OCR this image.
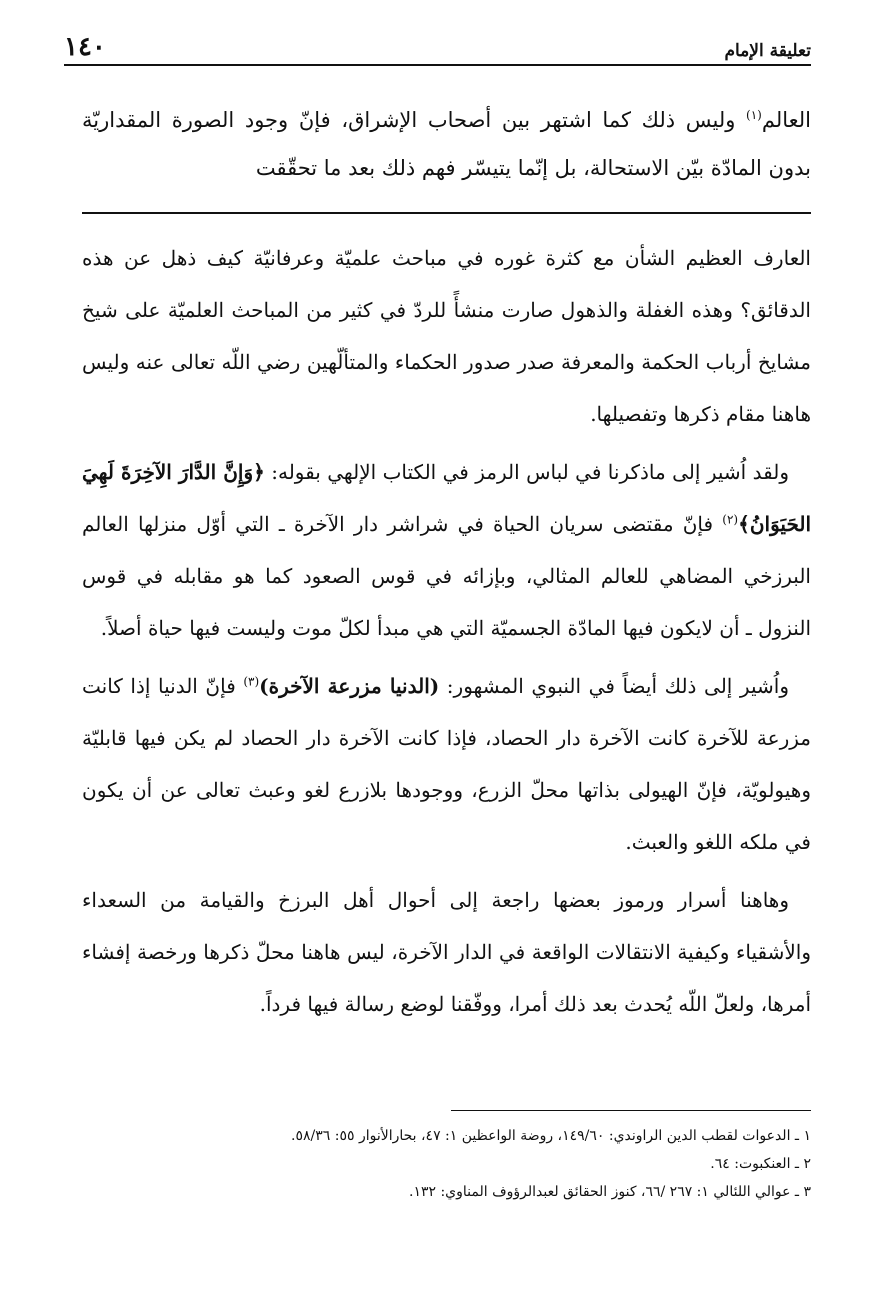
تعليقة الإمام
١٤٠

العالم$^{(١)}$ وليس ذلك كما اشتهر بين أصحاب الإشراق، فإنّ وجود الصورة المقداريّة بدون المادّة بيّن الاستحالة، بل إنّما يتيسّر فهم ذلك بعد ما تحقّقت

العارف العظيم الشأن مع كثرة غوره في مباحث علميّة وعرفانيّة كيف ذهل عن هذه الدقائق؟ وهذه الغفلة والذهول صارت منشأً للردّ في كثير من المباحث العلميّة على شيخ مشايخ أرباب الحكمة والمعرفة صدر صدور الحكماء والمتألّهين رضي اللّه تعالى عنه وليس هاهنا مقام ذكرها وتفصيلها.

ولقد اُشير إلى ماذكرنا في لباس الرمز في الكتاب الإلهي بقوله: ﴿وَإِنَّ الدَّارَ الآخِرَةَ لَهِيَ الحَيَوَانُ﴾$^{(٢)}$ فإنّ مقتضى سريان الحياة في شراشر دار الآخرة ـ التي أوّل منزلها العالم البرزخي المضاهي للعالم المثالي، وبإزائه في قوس الصعود كما هو مقابله في قوس النزول ـ أن لايكون فيها المادّة الجسميّة التي هي مبدأ لكلّ موت وليست فيها حياة أصلاً.

واُشير إلى ذلك أيضاً في النبوي المشهور: (الدنيا مزرعة الآخرة)$^{(٣)}$ فإنّ الدنيا إذا كانت مزرعة للآخرة كانت الآخرة دار الحصاد، فإذا كانت الآخرة دار الحصاد لم يكن فيها قابليّة وهيولويّة، فإنّ الهيولى بذاتها محلّ الزرع، ووجودها بلازرع لغو وعبث تعالى عن أن يكون في ملكه اللغو والعبث.

وهاهنا أسرار ورموز بعضها راجعة إلى أحوال أهل البرزخ والقيامة من السعداء والأشقياء وكيفية الانتقالات الواقعة في الدار الآخرة، ليس هاهنا محلّ ذكرها ورخصة إفشاء أمرها، ولعلّ اللّه يُحدث بعد ذلك أمرا، ووفّقنا لوضع رسالة فيها فرداً.

١ ـ الدعوات لقطب الدين الراوندي: ١٤٩/٦٠، روضة الواعظين ١: ٤٧، بحارالأنوار ٥٥: ٥٨/٣٦.
٢ ـ العنكبوت: ٦٤.
٣ ـ عوالي اللئالي ١: ٢٦٧ /٦٦، كنوز الحقائق لعبدالرؤوف المناوي: ١٣٢.
